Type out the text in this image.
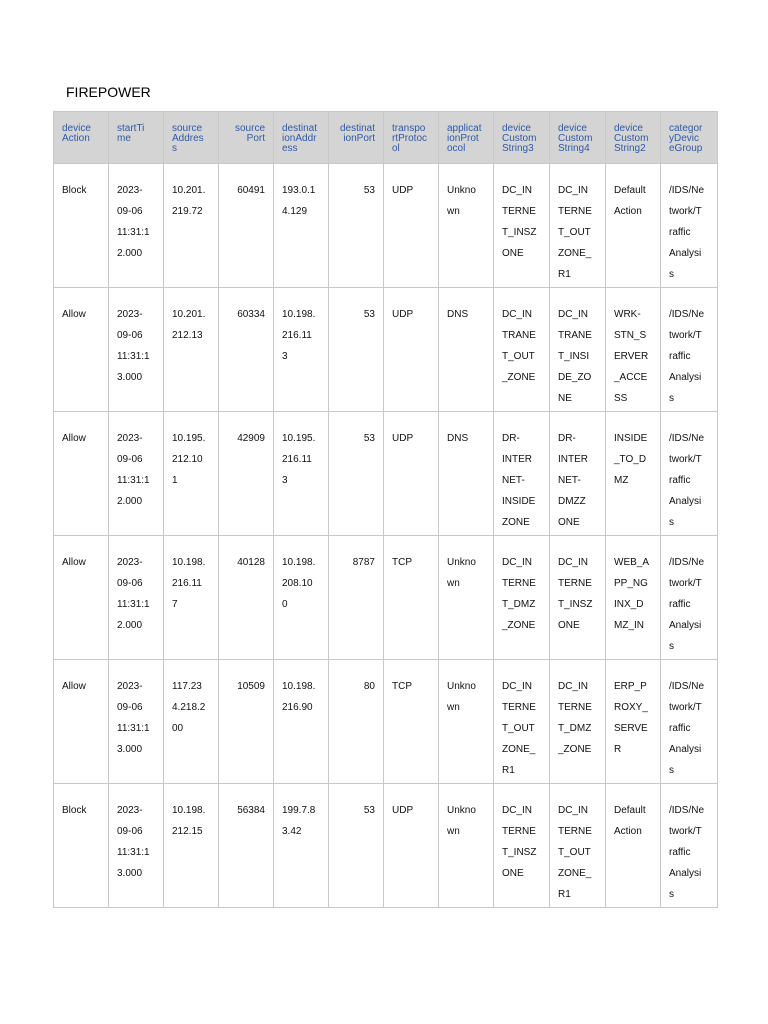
FIREPOWER
device
Action	startTi
me	source
Addres
s	source
Port	destinat
ionAddr
ess	destinat
ionPort	transpo
rtProtoc
ol	applicat
ionProt
ocol	device
Custom
String3	device
Custom
String4	device
Custom
String2	categor
yDevic
eGroup

Block	2023-
09-06
11:31:1
2.000	10.201.
219.72	60491	193.0.1
4.129	53	UDP	Unkno
wn	DC_IN
TERNE
T_INSZ
ONE	DC_IN
TERNE
T_OUT
ZONE_
R1	Default
Action	/IDS/Ne
twork/T
raffic
Analysi
s

Allow	2023-
09-06
11:31:1
3.000	10.201.
212.13	60334	10.198.
216.11
3	53	UDP	DNS	DC_IN
TRANE
T_OUT
_ZONE	DC_IN
TRANE
T_INSI
DE_ZO
NE	WRK-
STN_S
ERVER
_ACCE
SS	/IDS/Ne
twork/T
raffic
Analysi
s

Allow	2023-
09-06
11:31:1
2.000	10.195.
212.10
1	42909	10.195.
216.11
3	53	UDP	DNS	DR-
INTER
NET-
INSIDE
ZONE	DR-
INTER
NET-
DMZZ
ONE	INSIDE
_TO_D
MZ	/IDS/Ne
twork/T
raffic
Analysi
s

Allow	2023-
09-06
11:31:1
2.000	10.198.
216.11
7	40128	10.198.
208.10
0	8787	TCP	Unkno
wn	DC_IN
TERNE
T_DMZ
_ZONE	DC_IN
TERNE
T_INSZ
ONE	WEB_A
PP_NG
INX_D
MZ_IN	/IDS/Ne
twork/T
raffic
Analysi
s

Allow	2023-
09-06
11:31:1
3.000	117.23
4.218.2
00	10509	10.198.
216.90	80	TCP	Unkno
wn	DC_IN
TERNE
T_OUT
ZONE_
R1	DC_IN
TERNE
T_DMZ
_ZONE	ERP_P
ROXY_
SERVE
R	/IDS/Ne
twork/T
raffic
Analysi
s

Block	2023-
09-06
11:31:1
3.000	10.198.
212.15	56384	199.7.8
3.42	53	UDP	Unkno
wn	DC_IN
TERNE
T_INSZ
ONE	DC_IN
TERNE
T_OUT
ZONE_
R1	Default
Action	/IDS/Ne
twork/T
raffic
Analysi
s
